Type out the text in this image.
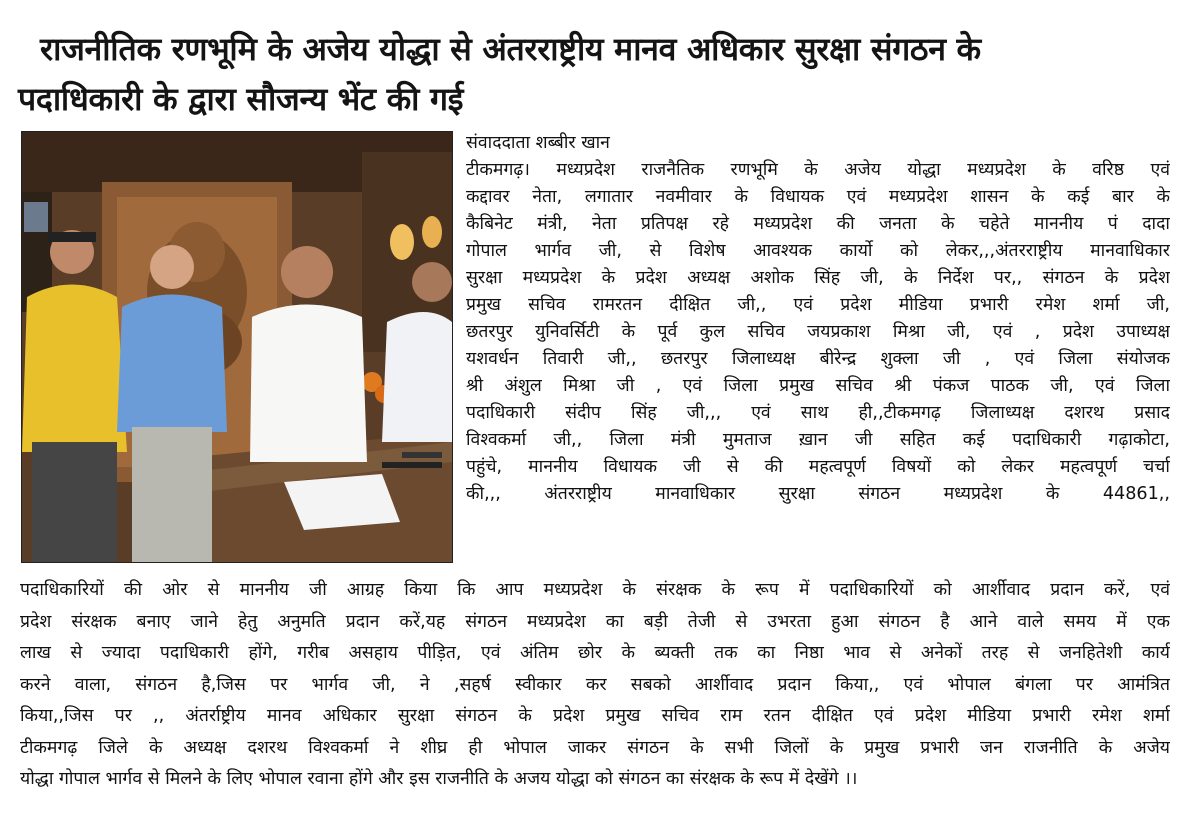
राजनीतिक रणभूमि के अजेय योद्धा से अंतरराष्ट्रीय मानव अधिकार सुरक्षा संगठन के
पदाधिकारी के द्वारा सौजन्य भेंट की गई
संवाददाता शब्बीर खान
टीकमगढ़। मध्यप्रदेश राजनैतिक रणभूमि के अजेय योद्धा मध्यप्रदेश के वरिष्ठ एवं
कद्दावर नेता, लगातार नवमीवार के विधायक एवं मध्यप्रदेश शासन के कई बार के
कैबिनेट मंत्री, नेता प्रतिपक्ष रहे मध्यप्रदेश की जनता के चहेते माननीय पं दादा
गोपाल भार्गव जी, से विशेष आवश्यक कार्यो को लेकर,,,अंतरराष्ट्रीय मानवाधिकार
सुरक्षा मध्यप्रदेश के प्रदेश अध्यक्ष अशोक सिंह जी, के निर्देश पर,, संगठन के प्रदेश
प्रमुख सचिव रामरतन दीक्षित जी,, एवं प्रदेश मीडिया प्रभारी रमेश शर्मा जी,
छतरपुर युनिवर्सिटी के पूर्व कुल सचिव जयप्रकाश मिश्रा जी, एवं , प्रदेश उपाध्यक्ष
यशवर्धन तिवारी जी,, छतरपुर जिलाध्यक्ष बीरेन्द्र शुक्ला जी , एवं जिला संयोजक
श्री अंशुल मिश्रा जी , एवं जिला प्रमुख सचिव श्री पंकज पाठक जी, एवं जिला
पदाधिकारी संदीप सिंह जी,,, एवं साथ ही,,टीकमगढ़ जिलाध्यक्ष दशरथ प्रसाद
विश्वकर्मा जी,, जिला मंत्री मुमताज ख़ान जी सहित कई पदाधिकारी गढ़ाकोटा,
पहुंचे, माननीय विधायक जी से की महत्वपूर्ण विषयों को लेकर महत्वपूर्ण चर्चा
की,,, अंतरराष्ट्रीय मानवाधिकार सुरक्षा संगठन मध्यप्रदेश के 44861,,
पदाधिकारियों की ओर से माननीय जी आग्रह किया कि आप मध्यप्रदेश के संरक्षक के रूप में पदाधिकारियों को आर्शीवाद प्रदान करें, एवं
प्रदेश संरक्षक बनाए जाने हेतु अनुमति प्रदान करें,यह संगठन मध्यप्रदेश का बड़ी तेजी से उभरता हुआ संगठन है आने वाले समय में एक
लाख से ज्यादा पदाधिकारी होंगे, गरीब असहाय पीड़ित, एवं अंतिम छोर के ब्यक्ती तक का निष्ठा भाव से अनेकों तरह से जनहितेशी कार्य
करने वाला, संगठन है,जिस पर भार्गव जी, ने ,सहर्ष स्वीकार कर सबको आर्शीवाद प्रदान किया,, एवं भोपाल बंगला पर आमंत्रित
किया,,जिस पर ,, अंतर्राष्ट्रीय मानव अधिकार सुरक्षा संगठन के प्रदेश प्रमुख सचिव राम रतन दीक्षित एवं प्रदेश मीडिया प्रभारी रमेश शर्मा
टीकमगढ़ जिले के अध्यक्ष दशरथ विश्वकर्मा ने शीघ्र ही भोपाल जाकर संगठन के सभी जिलों के प्रमुख प्रभारी जन राजनीति के अजेय
योद्धा गोपाल भार्गव से मिलने के लिए भोपाल रवाना होंगे और इस राजनीति के अजय योद्धा को संगठन का संरक्षक के रूप में देखेंगे ।।
